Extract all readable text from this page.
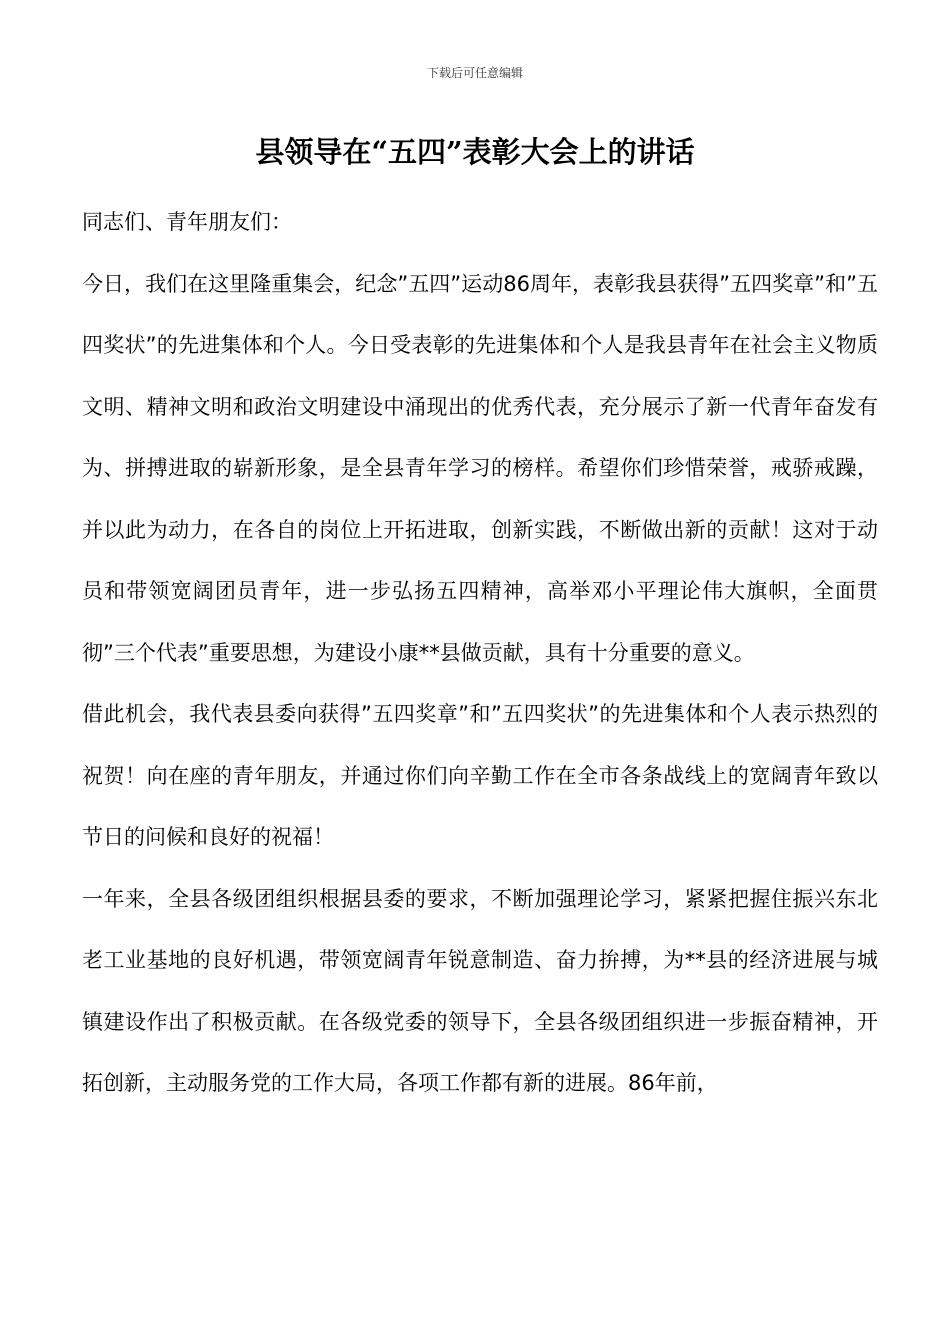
下载后可任意编辑
县领导在“五四”表彰大会上的讲话

同志们、青年朋友们：

今日，我们在这里隆重集会，纪念”五四”运动86周年，表彰我县获得”五四奖章”和”五四奖状”的先进集体和个人。今日受表彰的先进集体和个人是我县青年在社会主义物质文明、精神文明和政治文明建设中涌现出的优秀代表，充分展示了新一代青年奋发有为、拼搏进取的崭新形象，是全县青年学习的榜样。希望你们珍惜荣誉，戒骄戒躁，并以此为动力，在各自的岗位上开拓进取，创新实践，不断做出新的贡献！这对于动员和带领宽阔团员青年，进一步弘扬五四精神，高举邓小平理论伟大旗帜，全面贯彻”三个代表”重要思想，为建设小康**县做贡献，具有十分重要的意义。

借此机会，我代表县委向获得”五四奖章”和”五四奖状”的先进集体和个人表示热烈的祝贺！向在座的青年朋友，并通过你们向辛勤工作在全市各条战线上的宽阔青年致以节日的问候和良好的祝福！

一年来，全县各级团组织根据县委的要求，不断加强理论学习，紧紧把握住振兴东北老工业基地的良好机遇，带领宽阔青年锐意制造、奋力拚搏，为**县的经济进展与城镇建设作出了积极贡献。在各级党委的领导下，全县各级团组织进一步振奋精神，开拓创新，主动服务党的工作大局，各项工作都有新的进展。86年前，
